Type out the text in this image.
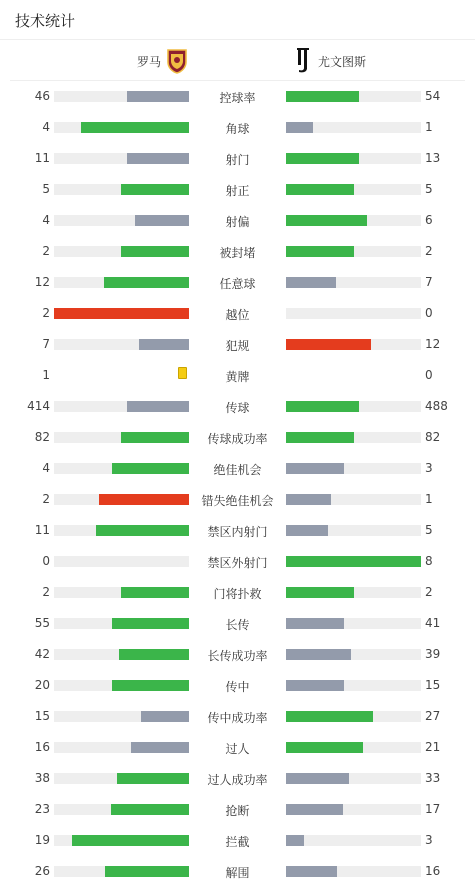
技术统计
罗马	尤文图斯
46	控球率	54
4	角球	1
11	射门	13
5	射正	5
4	射偏	6
2	被封堵	2
12	任意球	7
2	越位	0
7	犯规	12
1	黄牌	0
414	传球	488
82	传球成功率	82
4	绝佳机会	3
2	错失绝佳机会	1
11	禁区内射门	5
0	禁区外射门	8
2	门将扑救	2
55	长传	41
42	长传成功率	39
20	传中	15
15	传中成功率	27
16	过人	21
38	过人成功率	33
23	抢断	17
19	拦截	3
26	解围	16
